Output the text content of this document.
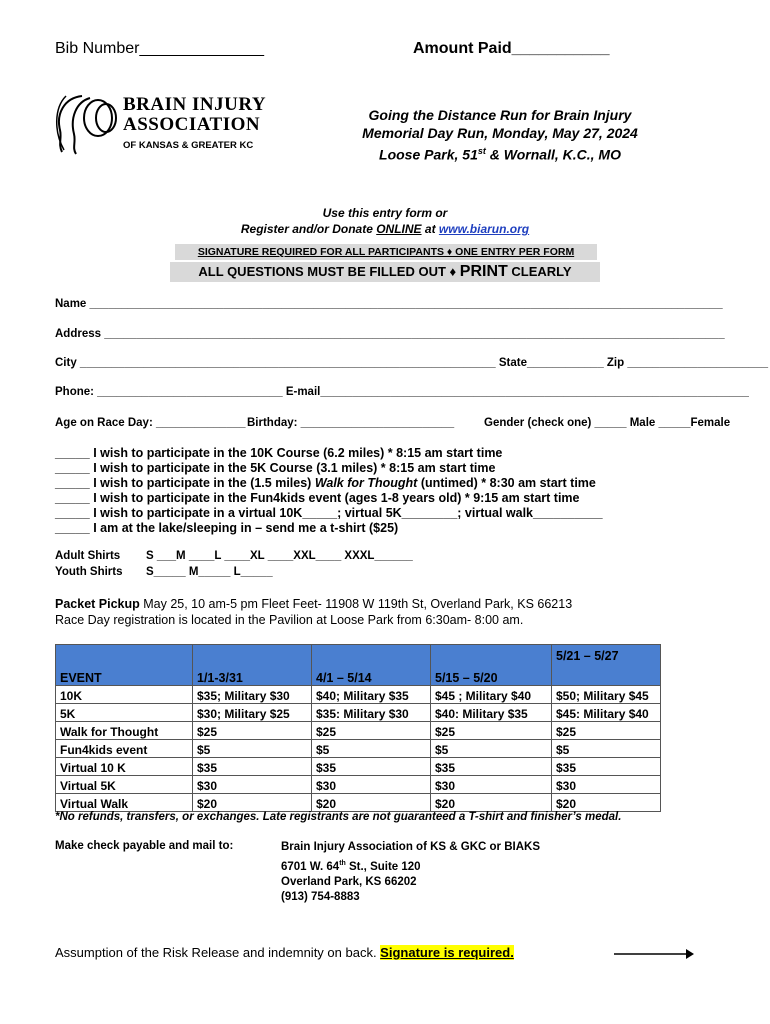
Bib Number______________	Amount Paid___________
BRAIN INJURY
ASSOCIATION
OF KANSAS & GREATER KC
Going the Distance Run for Brain Injury
Memorial Day Run, Monday, May 27, 2024
Loose Park, 51st & Wornall, K.C., MO
Use this entry form or
Register and/or Donate ONLINE at www.biarun.org
SIGNATURE REQUIRED FOR ALL PARTICIPANTS ♦ ONE ENTRY PER FORM
ALL QUESTIONS MUST BE FILLED OUT ♦ PRINT CLEARLY
Name ___________________________________________________________________________________________________
Address _________________________________________________________________________________________________
City _________________________________________________________________ State____________ Zip ______________________
Phone: _____________________________ E-mail___________________________________________________________________
Age on Race Day: ______________ Birthday: ________________________	Gender (check one) _____ Male _____Female
_____ I wish to participate in the 10K Course (6.2 miles) * 8:15 am start time
_____ I wish to participate in the 5K Course (3.1 miles) * 8:15 am start time
_____ I wish to participate in the (1.5 miles) Walk for Thought (untimed) * 8:30 am start time
_____ I wish to participate in the Fun4kids event (ages 1-8 years old) * 9:15 am start time
_____ I wish to participate in a virtual 10K_____; virtual 5K________; virtual walk__________
_____ I am at the lake/sleeping in – send me a t-shirt ($25)
Adult Shirts S ___M ____L ____XL ____XXL____ XXXL______
Youth Shirts S_____ M_____ L_____
Packet Pickup May 25, 10 am-5 pm Fleet Feet- 11908 W 119th St, Overland Park, KS 66213
Race Day registration is located in the Pavilion at Loose Park from 6:30am- 8:00 am.
EVENT	1/1-3/31	4/1 – 5/14	5/15 – 5/20	5/21 – 5/27
10K	$35; Military $30	$40; Military $35	$45 ; Military $40	$50; Military $45
5K	$30; Military $25	$35: Military $30	$40: Military $35	$45: Military $40
Walk for Thought	$25	$25	$25	$25
Fun4kids event	$5	$5	$5	$5
Virtual 10 K	$35	$35	$35	$35
Virtual 5K	$30	$30	$30	$30
Virtual Walk	$20	$20	$20	$20
*No refunds, transfers, or exchanges. Late registrants are not guaranteed a T-shirt and finisher’s medal.
Make check payable and mail to:	Brain Injury Association of KS & GKC or BIAKS
6701 W. 64th St., Suite 120
Overland Park, KS 66202
(913) 754-8883
Assumption of the Risk Release and indemnity on back. Signature is required.
